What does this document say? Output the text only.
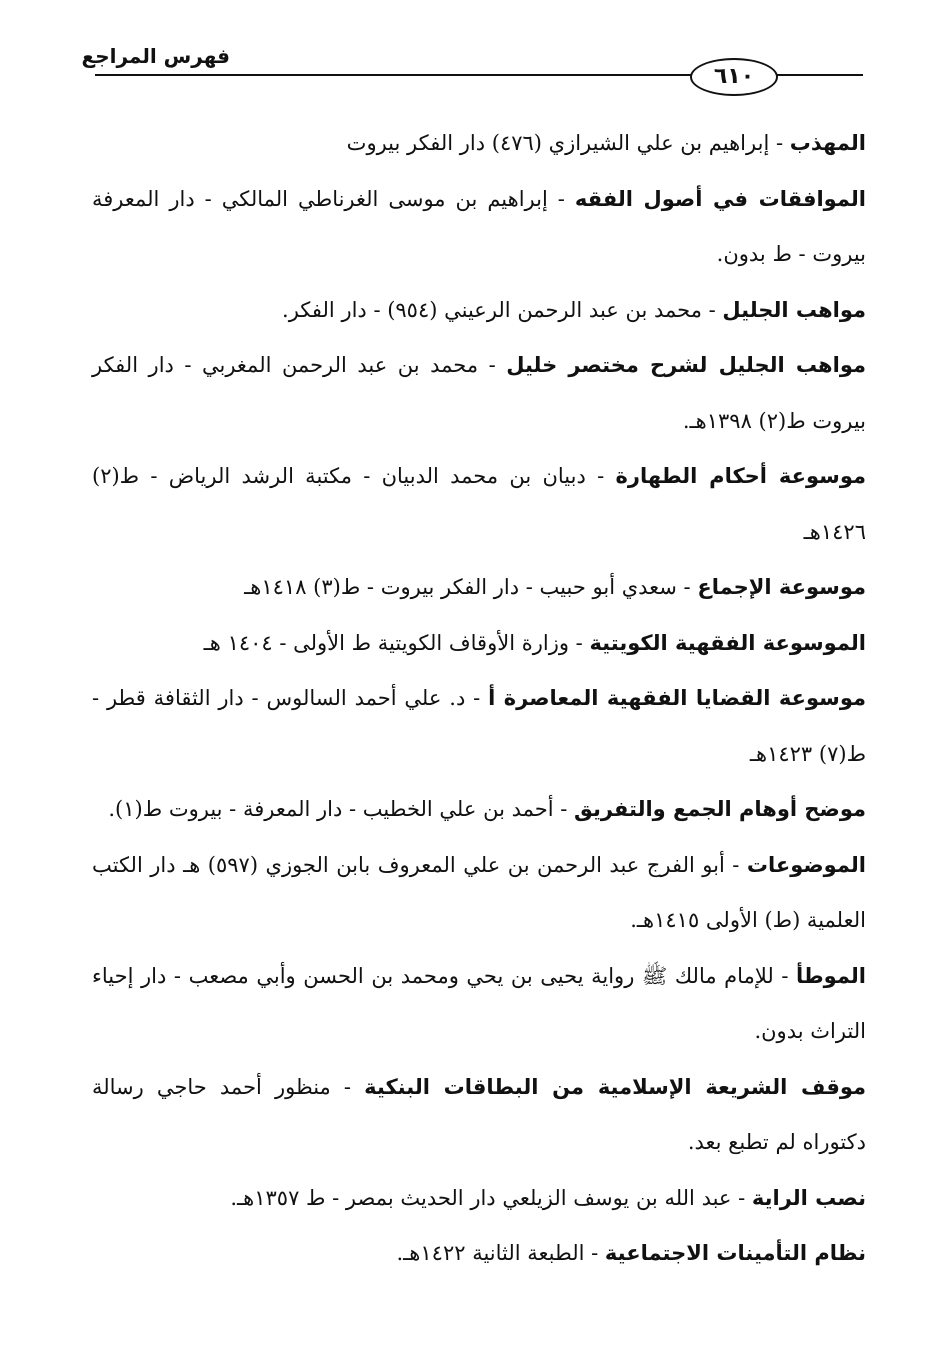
فهرس المراجع
٦١٠

المهذب - إبراهيم بن علي الشيرازي (٤٧٦) دار الفكر بيروت

الموافقات في أصول الفقه - إبراهيم بن موسى الغرناطي المالكي - دار المعرفة بيروت - ط بدون.

مواهب الجليل - محمد بن عبد الرحمن الرعيني (٩٥٤) - دار الفكر.

مواهب الجليل لشرح مختصر خليل - محمد بن عبد الرحمن المغربي - دار الفكر بيروت ط(٢) ١٣٩٨هـ.

موسوعة أحكام الطهارة - دبيان بن محمد الدبيان - مكتبة الرشد الرياض - ط(٢) ١٤٢٦هـ

موسوعة الإجماع - سعدي أبو حبيب - دار الفكر بيروت - ط(٣) ١٤١٨هـ

الموسوعة الفقهية الكويتية - وزارة الأوقاف الكويتية ط الأولى - ١٤٠٤ هـ

موسوعة القضايا الفقهية المعاصرة أ - د. علي أحمد السالوس - دار الثقافة قطر - ط(٧) ١٤٢٣هـ

موضح أوهام الجمع والتفريق - أحمد بن علي الخطيب - دار المعرفة - بيروت ط(١).

الموضوعات - أبو الفرج عبد الرحمن بن علي المعروف بابن الجوزي (٥٩٧) هـ دار الكتب العلمية (ط) الأولى ١٤١٥هـ.

الموطأ - للإمام مالك ﷺ رواية يحيى بن يحي ومحمد بن الحسن وأبي مصعب - دار إحياء التراث بدون.

موقف الشريعة الإسلامية من البطاقات البنكية - منظور أحمد حاجي رسالة دكتوراه لم تطبع بعد.

نصب الراية - عبد الله بن يوسف الزيلعي دار الحديث بمصر - ط ١٣٥٧هـ.

نظام التأمينات الاجتماعية - الطبعة الثانية ١٤٢٢هـ.
